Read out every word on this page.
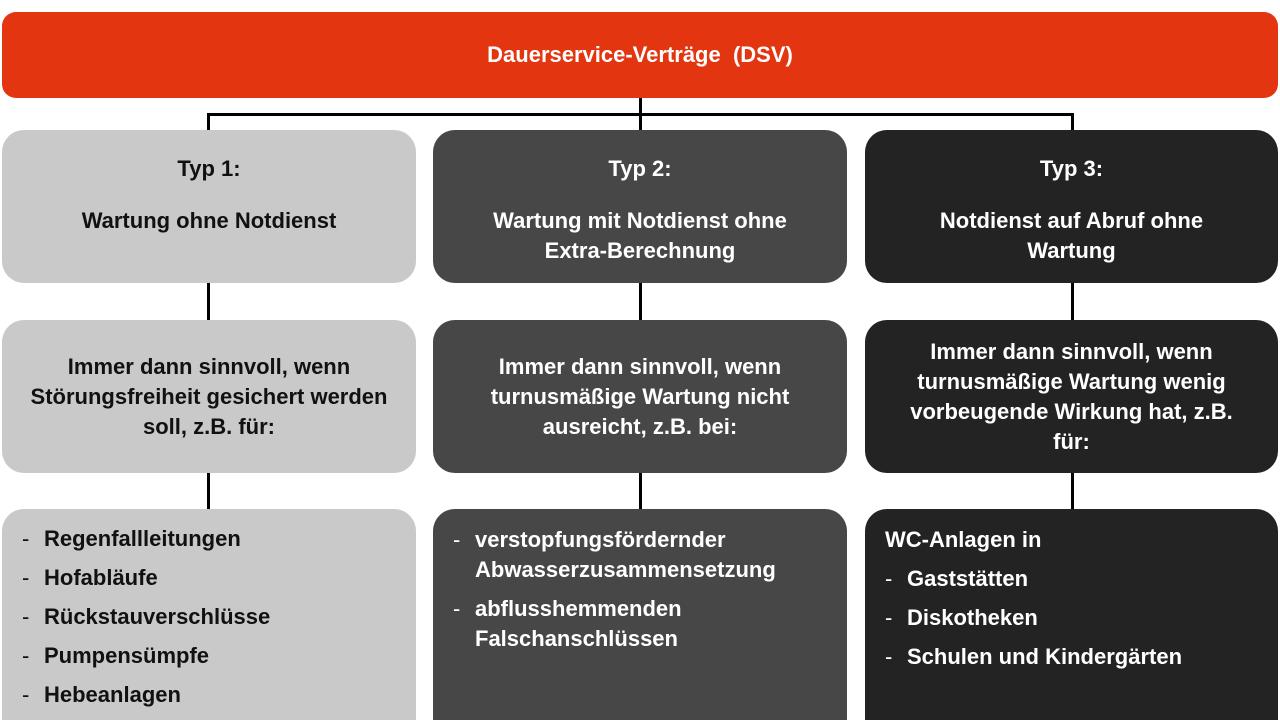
Dauerservice-Verträge  (DSV)
Typ 1:
Wartung ohne Notdienst
Immer dann sinnvoll, wenn Störungsfreiheit gesichert werden soll, z.B. für:
- Regenfallleitungen
- Hofabläufe
- Rückstauverschlüsse
- Pumpensümpfe
- Hebeanlagen
Typ 2:
Wartung mit Notdienst ohne Extra-Berechnung
Immer dann sinnvoll, wenn turnusmäßige Wartung nicht ausreicht, z.B. bei:
- verstopfungsfördernder Abwasserzusammensetzung
- abflusshemmenden Falschanschlüssen
Typ 3:
Notdienst auf Abruf ohne Wartung
Immer dann sinnvoll, wenn turnusmäßige Wartung wenig vorbeugende Wirkung hat, z.B. für:
WC-Anlagen in
- Gaststätten
- Diskotheken
- Schulen und Kindergärten
